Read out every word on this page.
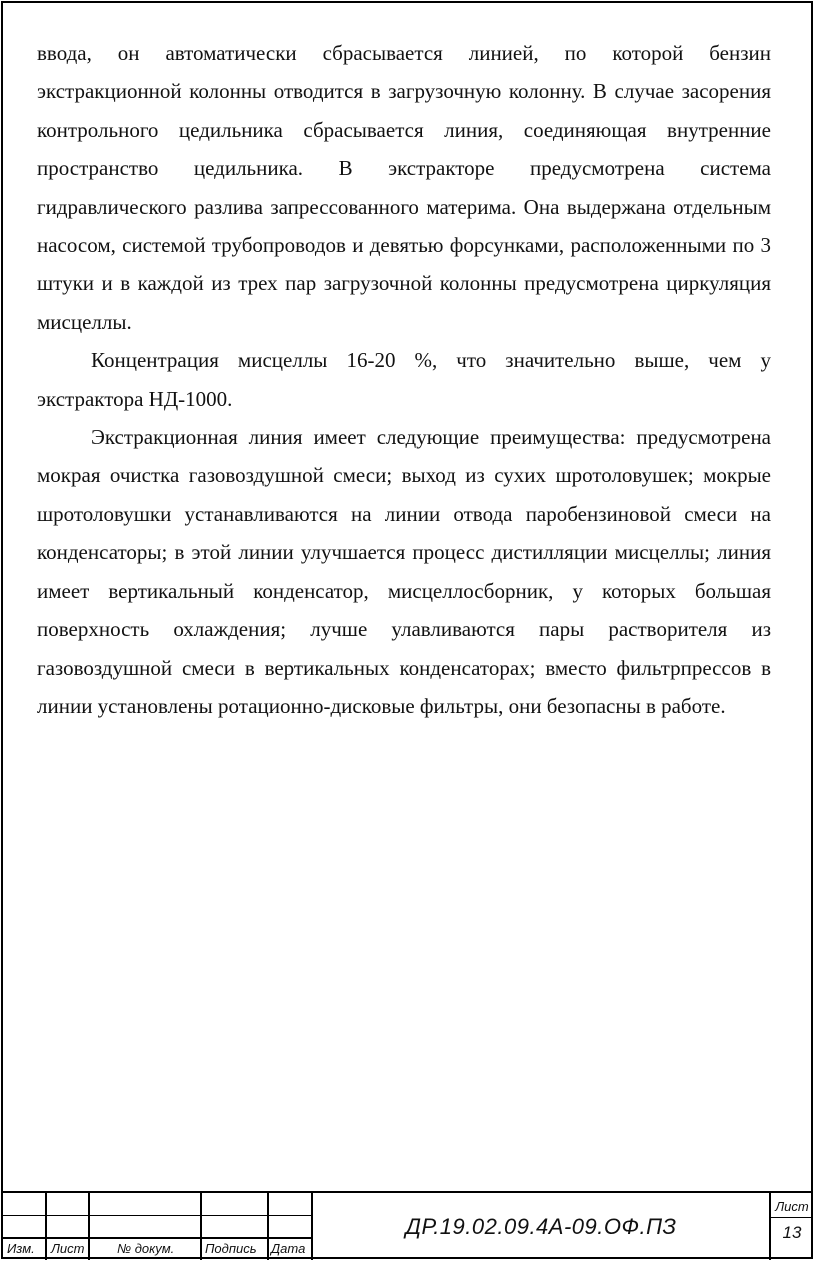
ввода, он автоматически сбрасывается линией, по которой бензин экстракционной колонны отводится в загрузочную колонну. В случае засорения контрольного цедильника сбрасывается линия, соединяющая внутренние пространство цедильника. В экстракторе предусмотрена система гидравлического разлива запрессованного материма. Она выдержана отдельным насосом, системой трубопроводов и девятью форсунками, расположенными по 3 штуки и в каждой из трех пар загрузочной колонны предусмотрена циркуляция мисцеллы.

Концентрация мисцеллы 16-20 %, что значительно выше, чем у экстрактора НД-1000.

Экстракционная линия имеет следующие преимущества: предусмотрена мокрая очистка газовоздушной смеси; выход из сухих шротоловушек; мокрые шротоловушки устанавливаются на линии отвода паробензиновой смеси на конденсаторы; в этой линии улучшается процесс дистилляции мисцеллы; линия имеет вертикальный конденсатор, мисцеллосборник, у которых большая поверхность охлаждения; лучше улавливаются пары растворителя из газовоздушной смеси в вертикальных конденсаторах; вместо фильтрпрессов в линии установлены ротационно-дисковые фильтры, они безопасны в работе.

Изм. Лист	№ докум. Подпись Дата
ДР.19.02.09.4А-09.ОФ.ПЗ
Лист
13
